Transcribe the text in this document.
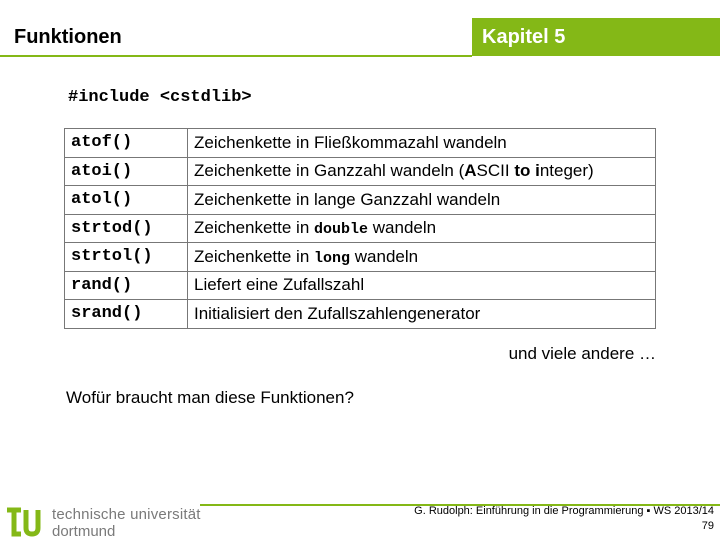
Funktionen	Kapitel 5
#include <cstdlib>
atof()	Zeichenkette in Fließkommazahl wandeln
atoi()	Zeichenkette in Ganzzahl wandeln (ASCII to integer)
atol()	Zeichenkette in lange Ganzzahl wandeln
strtod()	Zeichenkette in double wandeln
strtol()	Zeichenkette in long wandeln
rand()	Liefert eine Zufallszahl
srand()	Initialisiert den Zufallszahlengenerator
und viele andere …
Wofür braucht man diese Funktionen?
technische universität
dortmund
G. Rudolph: Einführung in die Programmierung ▪ WS 2013/14
79
